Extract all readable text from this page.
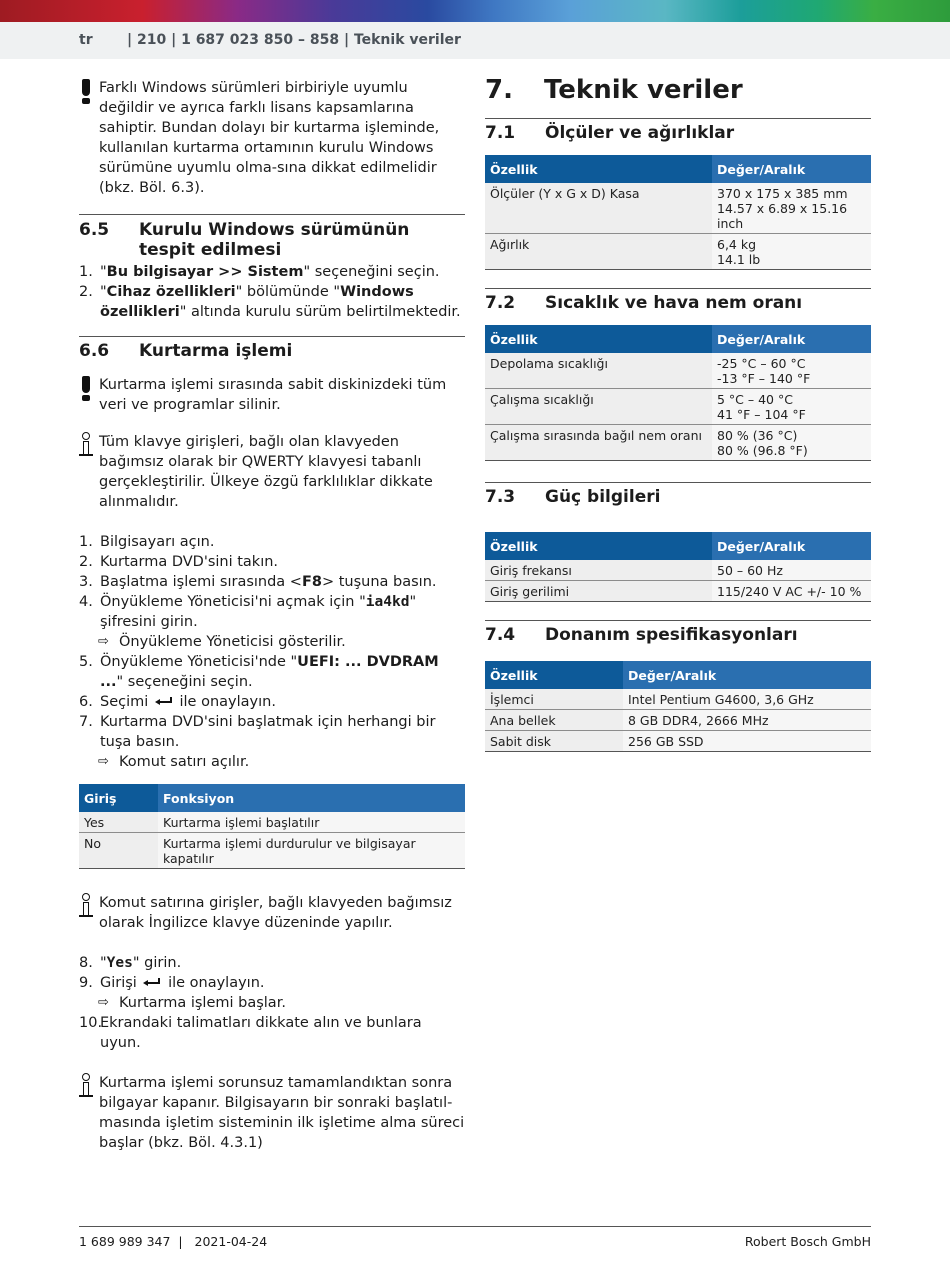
tr | 210 | 1 687 023 850 – 858 | Teknik veriler
Farklı Windows sürümleri birbiriyle uyumlu değildir ve ayrıca farklı lisans kapsamlarına sahiptir. Bundan dolayı bir kurtarma işleminde, kullanılan kurtarma ortamının kurulu Windows sürümüne uyumlu olma-sına dikkat edilmelidir (bkz. Böl. 6.3).
6.5 Kurulu Windows sürümünün tespit edilmesi
1. "Bu bilgisayar >> Sistem" seçeneğini seçin.
2. "Cihaz özellikleri" bölümünde "Windows özellikleri" altında kurulu sürüm belirtilmektedir.
6.6 Kurtarma işlemi
Kurtarma işlemi sırasında sabit diskinizdeki tüm veri ve programlar silinir.
Tüm klavye girişleri, bağlı olan klavyeden bağımsız olarak bir QWERTY klavyesi tabanlı gerçekleştirilir. Ülkeye özgü farklılıklar dikkate alınmalıdır.
1. Bilgisayarı açın.
2. Kurtarma DVD'sini takın.
3. Başlatma işlemi sırasında <F8> tuşuna basın.
4. Önyükleme Yöneticisi'ni açmak için "ia4kd" şifresini girin.
⇨ Önyükleme Yöneticisi gösterilir.
5. Önyükleme Yöneticisi'nde "UEFI: ... DVDRAM ..." seçeneğini seçin.
6. Seçimi ile onaylayın.
7. Kurtarma DVD'sini başlatmak için herhangi bir tuşa basın.
⇨ Komut satırı açılır.
Giriş	Fonksiyon
Yes	Kurtarma işlemi başlatılır
No	Kurtarma işlemi durdurulur ve bilgisayar kapatılır
Komut satırına girişler, bağlı klavyeden bağımsız olarak İngilizce klavye düzeninde yapılır.
8. "Yes" girin.
9. Girişi ile onaylayın.
⇨ Kurtarma işlemi başlar.
10.
Ekrandaki talimatları dikkate alın ve bunlara uyun.
Kurtarma işlemi sorunsuz tamamlandıktan sonra bilgayar kapanır. Bilgisayarın bir sonraki başlatıl-masında işletim sisteminin ilk işletime alma süreci başlar (bkz. Böl. 4.3.1)
7. Teknik veriler
7.1 Ölçüler ve ağırlıklar
Özellik	Değer/Aralık
Ölçüler (Y x G x D) Kasa	370 x 175 x 385 mm
14.57 x 6.89 x 15.16 inch

Ağırlık	6,4 kg
14.1 lb
7.2 Sıcaklık ve hava nem oranı
Özellik	Değer/Aralık
Depolama sıcaklığı	-25 °C – 60 °C
-13 °F – 140 °F

Çalışma sıcaklığı	5 °C – 40 °C
41 °F – 104 °F

Çalışma sırasında bağıl nem oranı	80 % (36 °C)
80 % (96.8 °F)
7.3 Güç bilgileri
Özellik	Değer/Aralık
Giriş frekansı	50 – 60 Hz
Giriş gerilimi	115/240 V AC +/- 10 %
7.4 Donanım spesifikasyonları
Özellik	Değer/Aralık
İşlemci	Intel Pentium G4600, 3,6 GHz
Ana bellek	8 GB DDR4, 2666 MHz
Sabit disk	256 GB SSD
1 689 989 347  |   2021-04-24	Robert Bosch GmbH
